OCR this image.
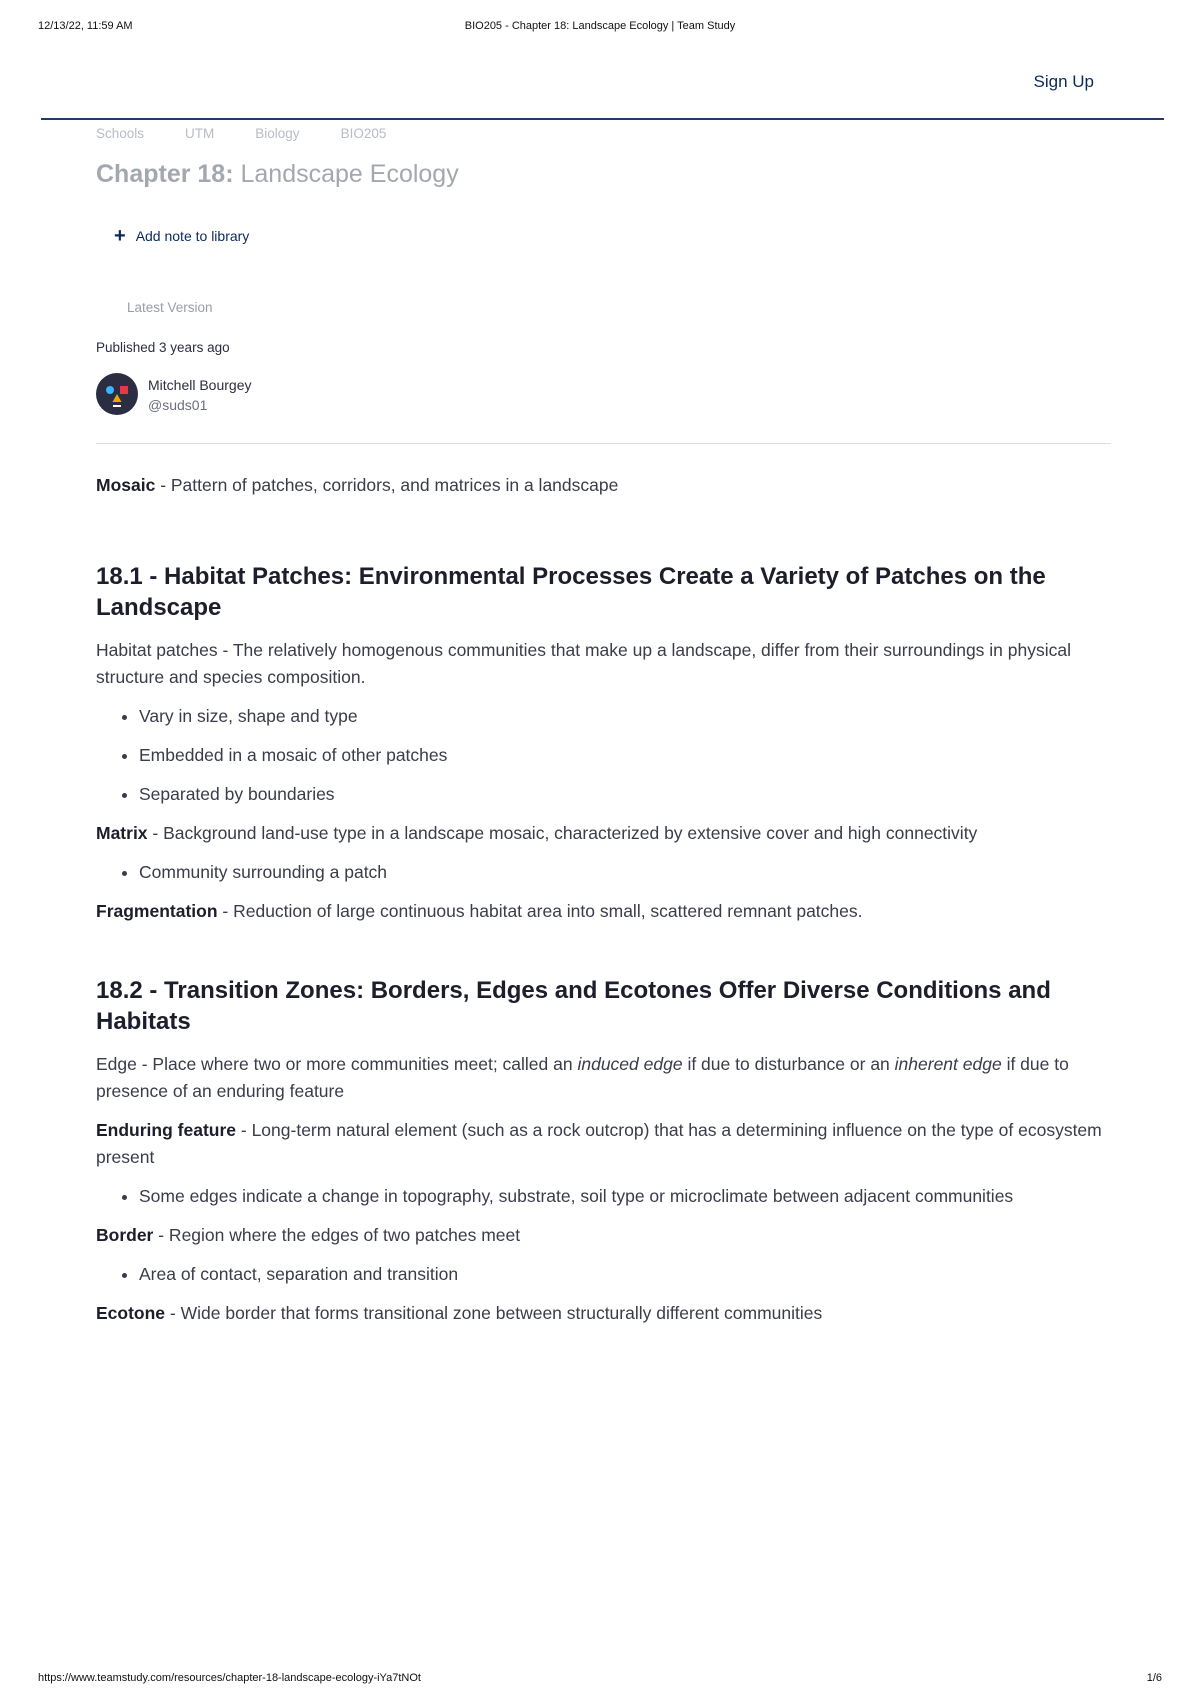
12/13/22, 11:59 AM	BIO205 - Chapter 18: Landscape Ecology | Team Study
Sign Up
Schools	UTM	Biology	BIO205
Chapter 18: Landscape Ecology
+ Add note to library
Latest Version
Published 3 years ago
Mitchell Bourgey
@suds01

Mosaic - Pattern of patches, corridors, and matrices in a landscape

18.1 - Habitat Patches: Environmental Processes Create a Variety of Patches on the Landscape

Habitat patches - The relatively homogenous communities that make up a landscape, differ from their surroundings in physical structure and species composition.

• Vary in size, shape and type
• Embedded in a mosaic of other patches
• Separated by boundaries

Matrix - Background land-use type in a landscape mosaic, characterized by extensive cover and high connectivity

• Community surrounding a patch

Fragmentation - Reduction of large continuous habitat area into small, scattered remnant patches.

18.2 - Transition Zones: Borders, Edges and Ecotones Offer Diverse Conditions and Habitats

Edge - Place where two or more communities meet; called an induced edge if due to disturbance or an inherent edge if due to presence of an enduring feature

Enduring feature - Long-term natural element (such as a rock outcrop) that has a determining influence on the type of ecosystem present

• Some edges indicate a change in topography, substrate, soil type or microclimate between adjacent communities

Border - Region where the edges of two patches meet

• Area of contact, separation and transition

Ecotone - Wide border that forms transitional zone between structurally different communities

https://www.teamstudy.com/resources/chapter-18-landscape-ecology-iYa7tNOt	1/6
